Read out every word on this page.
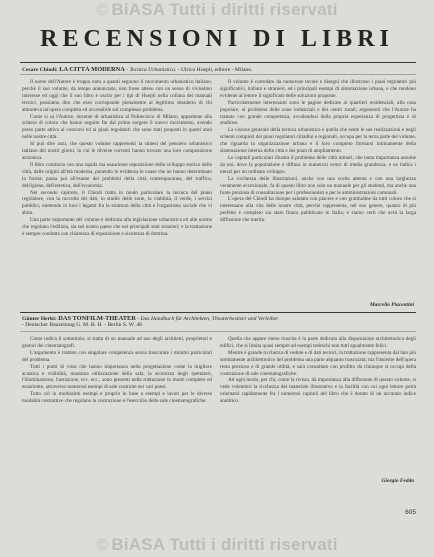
© BiASA Tutti i diritti riservati
RECENSIONI DI LIBRI
Cesare Chiodi: LA CITTÀ MODERNA - Tecnica Urbanistica. - Ulrico Hoepli, editore - Milano.

Il nome dell'Autore è troppo noto a quanti seguono il movimento urbanistico italiano, perchè il suo volume, da tempo annunciato, non fosse atteso con un senso di vivissimo interesse ed oggi che il suo libro è uscito per i tipi di Hoepli nella collana dei manuali tecnici, possiamo dire che esso corrisponde pienamente al legittimo desiderio di chi attendeva un'opera completa ed accessibile sul complesso problema.

Come si sa l'Autore, docente di urbanistica al Politecnico di Milano, appartiene alla schiera di coloro che hanno seguito fin dal primo sorgere il nuovo movimento, avendo preso parte attiva ai concorsi ed ai piani regolatori che sono stati proposti in questi anni nelle nostre città.

Si può dire anzi, che questo volume rappresenti la sintesi del pensiero urbanistico italiano dei nostri giorni, in cui le diverse correnti hanno trovato una loro composizione armonica.

Il libro comincia con una rapida ma esauriente esposizione dello sviluppo storico delle città, dalle origini all'età moderna, ponendo in evidenza le cause che ne hanno determinato la forma; passa poi all'esame dei problemi della città contemporanea, del traffico, dell'igiene, dell'estetica, dell'economia.

Nel secondo capitolo, il Chiodi tratta in modo particolare la tecnica del piano regolatore, con la raccolta dei dati, lo studio delle zone, la viabilità, il verde, i servizi pubblici, mettendo in luce i legami fra la struttura della città e l'organismo sociale che vi abita.

Una parte importante del volume è dedicata alla legislazione urbanistica ed alle norme che regolano l'edilizia, sia nel nostro paese che nei principali stati stranieri; e la trattazione è sempre condotta con chiarezza di esposizione e sicurezza di dottrina.

Il volume è corredato da numerose tavole e disegni che illustrano i piani regolatori più significativi, italiani e stranieri, ed i principali esempi di sistemazione urbana, e che rendono evidente al lettore il significato delle soluzioni proposte.

Particolarmente interessanti sono le pagine dedicate ai quartieri residenziali, alla casa popolare, al problema delle zone industriali e dei centri rurali; argomenti che l'Autore ha trattato con grande competenza, avvalendosi della propria esperienza di progettista e di studioso.

La visione generale della tecnica urbanistica è quella che sente le sue realizzazioni e negli schemi compiuti dei piani regolatori cittadini e regionali, occupa per la terza parte del volume, che riguarda la organizzazione urbana e il loro completo formarsi intimamente della sistemazione interna delle città e dei piani di ampliamento.

Le capitali particolari illustra il problema delle città minori, che tanta importanza assume da noi, dove la popolazione è diffusa in numerosi centri di media grandezza, e ne indica i mezzi per un ordinato sviluppo.

La ricchezza delle illustrazioni, anche con una scelta attenta e con una larghezza veramente eccezionale, fa di questo libro non solo un manuale per gli studenti, ma anche una fonte preziosa di consultazione per i professionisti e per le amministrazioni comunali.

L'opera del Chiodi ha dunque salutato con piacere e con gratitudine da tutti coloro che si interessano alla vita delle nostre città, perchè rappresenta, nel suo genere, quanto di più perfetto e completo sia stato finora pubblicato in Italia; e siamo certi che avrà la larga diffusione che merita.

Marcello Piacentini
Günter Herkt: DAS TONFILM-THEATER - Das Handbuch für Architekten, Theaterbesitzer und Verleiher
- Deutscher Bauzeitung G. M. B. H. - Berlin S. W. 48.

Come indica il sottotitolo, si tratta di un manuale ad uso degli architetti, proprietari e gestori dei cinematografi.

L'argomento è trattato con singolare competenza senza trascurare i minimi particolari del problema.

Tutti i punti di vista che hanno importanza nella progettazione come la migliore acustica e visibilità, massima utilizzazione della sala, la sicurezza degli spettatori, l'illuminazione, l'aerazione, ecc. ecc., sono presenti nella trattazione in modo completo ed esauriente, attraverso numerosi esempi di sale costruite nei vari paesi.

Tutto ciò in moltissimi esempi e proprio in base a esempi e lavori per le diverse modalità costruttive che regolano la costruzione e l'esercizio delle sale cinematografiche.

Quella che appare meno riuscita è la parte dedicata alla disposizione architettonica degli edifici, che si limita quasi sempre ad esempi tedeschi non tutti egualmente felici.

Mentre è grande ricchezza di vedute e di dati tecnici, la trattazione rappresenta dal lato più strettamente architettonico del problema una parte alquanto trascurata; ma l'insieme dell'opera resta prezioso e di grande utilità, e sarà consultato con profitto da chiunque si occupi della costruzione di sale cinematografiche.

Ad ogni modo, per chi, come la rivista, dà importanza alla diffusione di questo volume, si vede volentieri la ricchezza del materiale illustrativo e la facilità con cui ogni lettore potrà orientarsi rapidamente fra i numerosi capitoli del libro che è dotato di un accurato indice analitico.

Giorgio Fedda
605
© BiASA Tutti i diritti riservati
